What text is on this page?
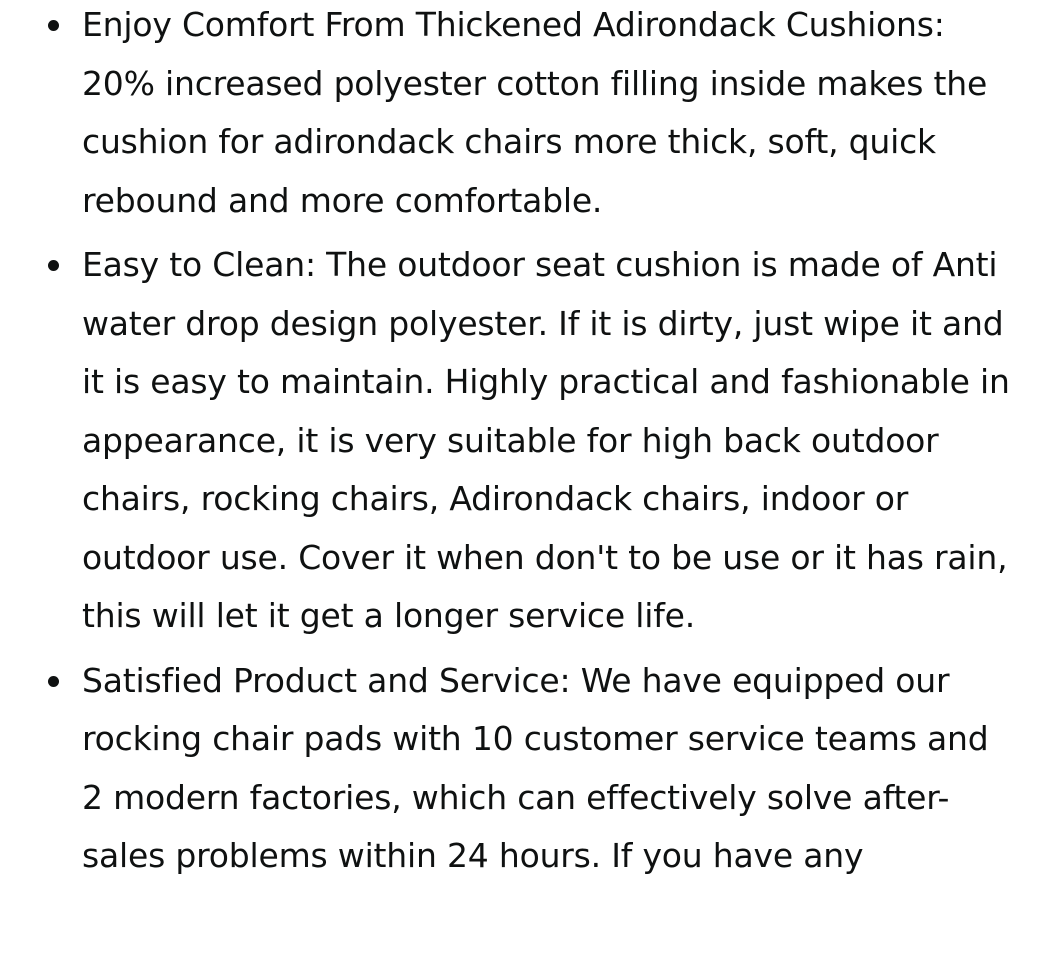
Enjoy Comfort From Thickened Adirondack Cushions: 20% increased polyester cotton filling inside makes the cushion for adirondack chairs more thick, soft, quick rebound and more comfortable.
Easy to Clean: The outdoor seat cushion is made of Anti water drop design polyester. If it is dirty, just wipe it and it is easy to maintain. Highly practical and fashionable in appearance, it is very suitable for high back outdoor chairs, rocking chairs, Adirondack chairs, indoor or outdoor use. Cover it when don't to be use or it has rain, this will let it get a longer service life.
Satisfied Product and Service: We have equipped our rocking chair pads with 10 customer service teams and 2 modern factories, which can effectively solve after-sales problems within 24 hours. If you have any
